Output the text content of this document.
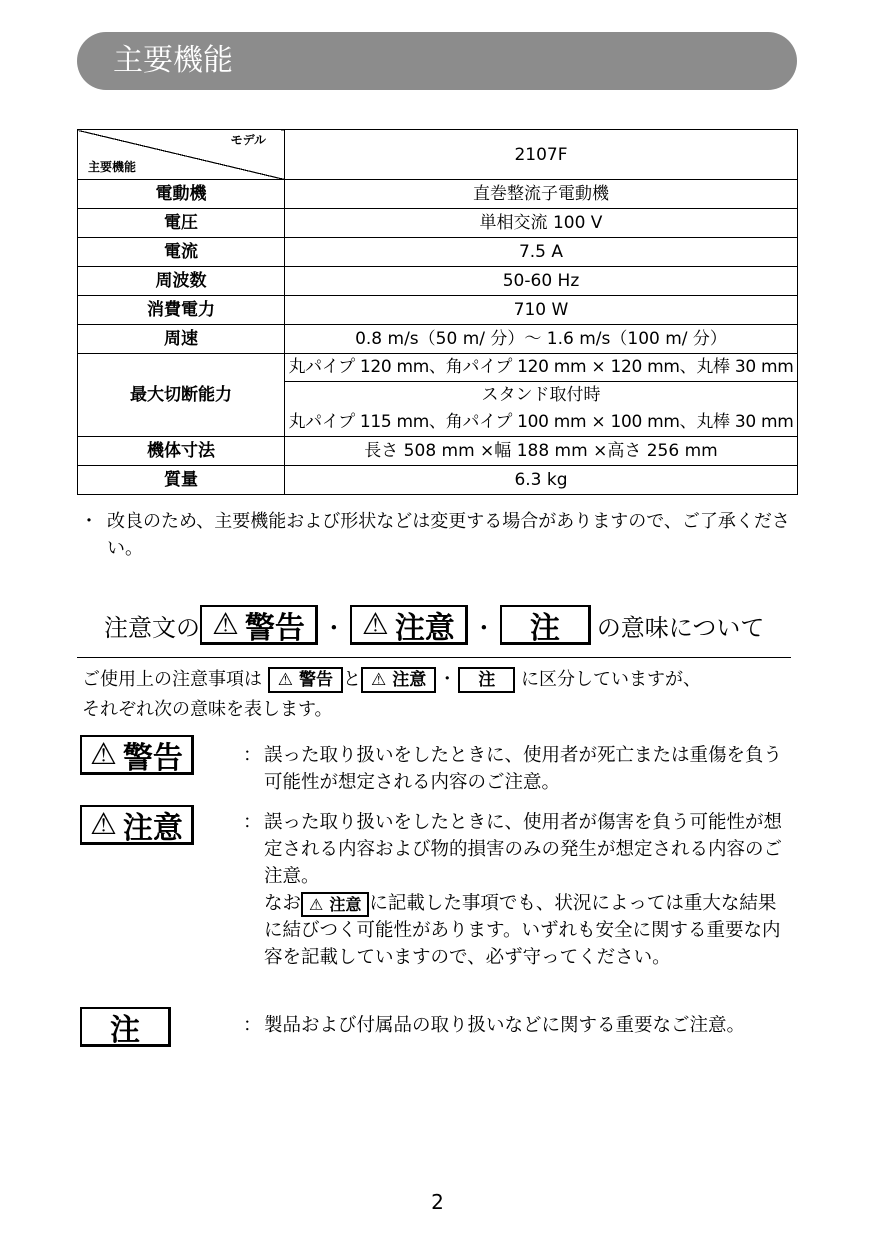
主要機能
モデル
主要機能	2107F
電動機	直巻整流子電動機
電圧	単相交流 100 V
電流	7.5 A
周波数	50-60 Hz
消費電力	710 W
周速	0.8 m/s（50 m/ 分）～ 1.6 m/s（100 m/ 分）
最大切断能力	丸パイプ 120 mm、角パイプ 120 mm × 120 mm、丸棒 30 mm
	スタンド取付時
	丸パイプ 115 mm、角パイプ 100 mm × 100 mm、丸棒 30 mm
機体寸法	長さ 508 mm ×幅 188 mm ×高さ 256 mm
質量	6.3 kg
・ 改良のため、主要機能および形状などは変更する場合がありますので、ご了承ください。
注意文の ⚠ 警告 ・ ⚠ 注意 ・ 注 の意味について
ご使用上の注意事項は ⚠ 警告 と ⚠ 注意 ・ 注 に区分していますが、
それぞれ次の意味を表します。
⚠ 警告	： 誤った取り扱いをしたときに、使用者が死亡または重傷を負う可能性が想定される内容のご注意。
⚠ 注意	： 誤った取り扱いをしたときに、使用者が傷害を負う可能性が想定される内容および物的損害のみの発生が想定される内容のご注意。
なお ⚠ 注意 に記載した事項でも、状況によっては重大な結果に結びつく可能性があります。いずれも安全に関する重要な内容を記載していますので、必ず守ってください。
注	： 製品および付属品の取り扱いなどに関する重要なご注意。
2
